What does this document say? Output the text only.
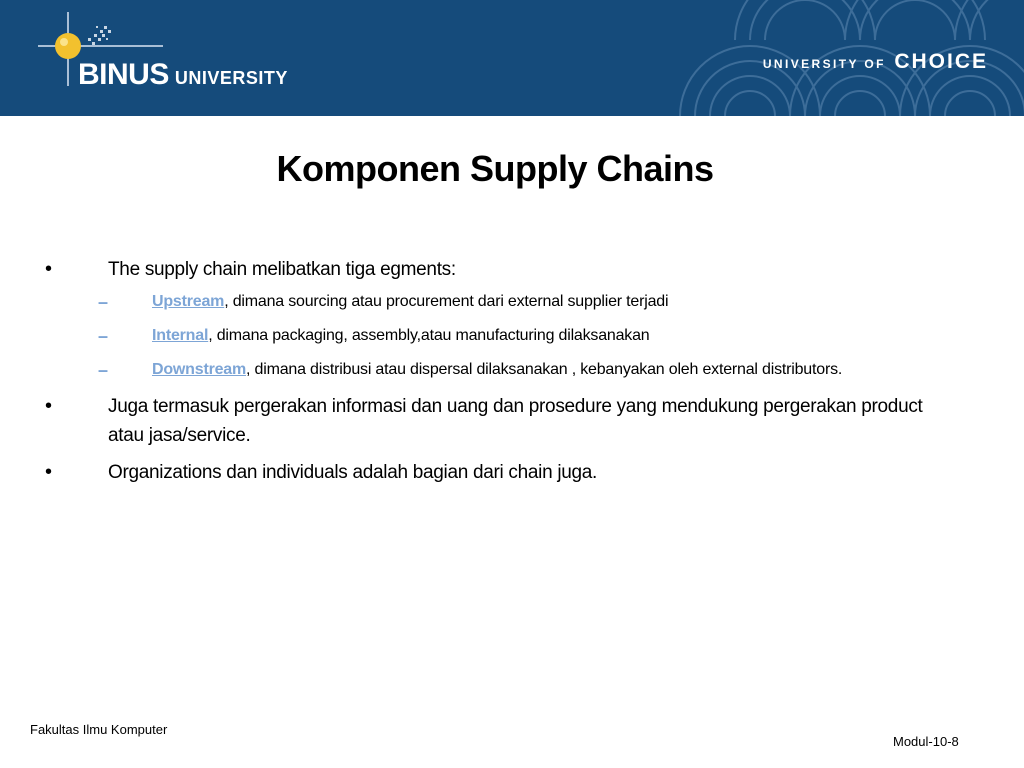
BINUS UNIVERSITY
UNIVERSITY OF CHOICE
Komponen Supply Chains
•	The supply chain melibatkan tiga egments:
–	Upstream, dimana sourcing atau procurement dari external supplier terjadi
–	Internal, dimana packaging, assembly,atau manufacturing dilaksanakan
–	Downstream, dimana distribusi atau dispersal dilaksanakan , kebanyakan oleh external distributors.
•	Juga termasuk pergerakan informasi dan uang dan prosedure yang mendukung pergerakan product atau jasa/service.
•	Organizations dan individuals adalah bagian dari chain juga.
Fakultas Ilmu Komputer
Modul-10-8
